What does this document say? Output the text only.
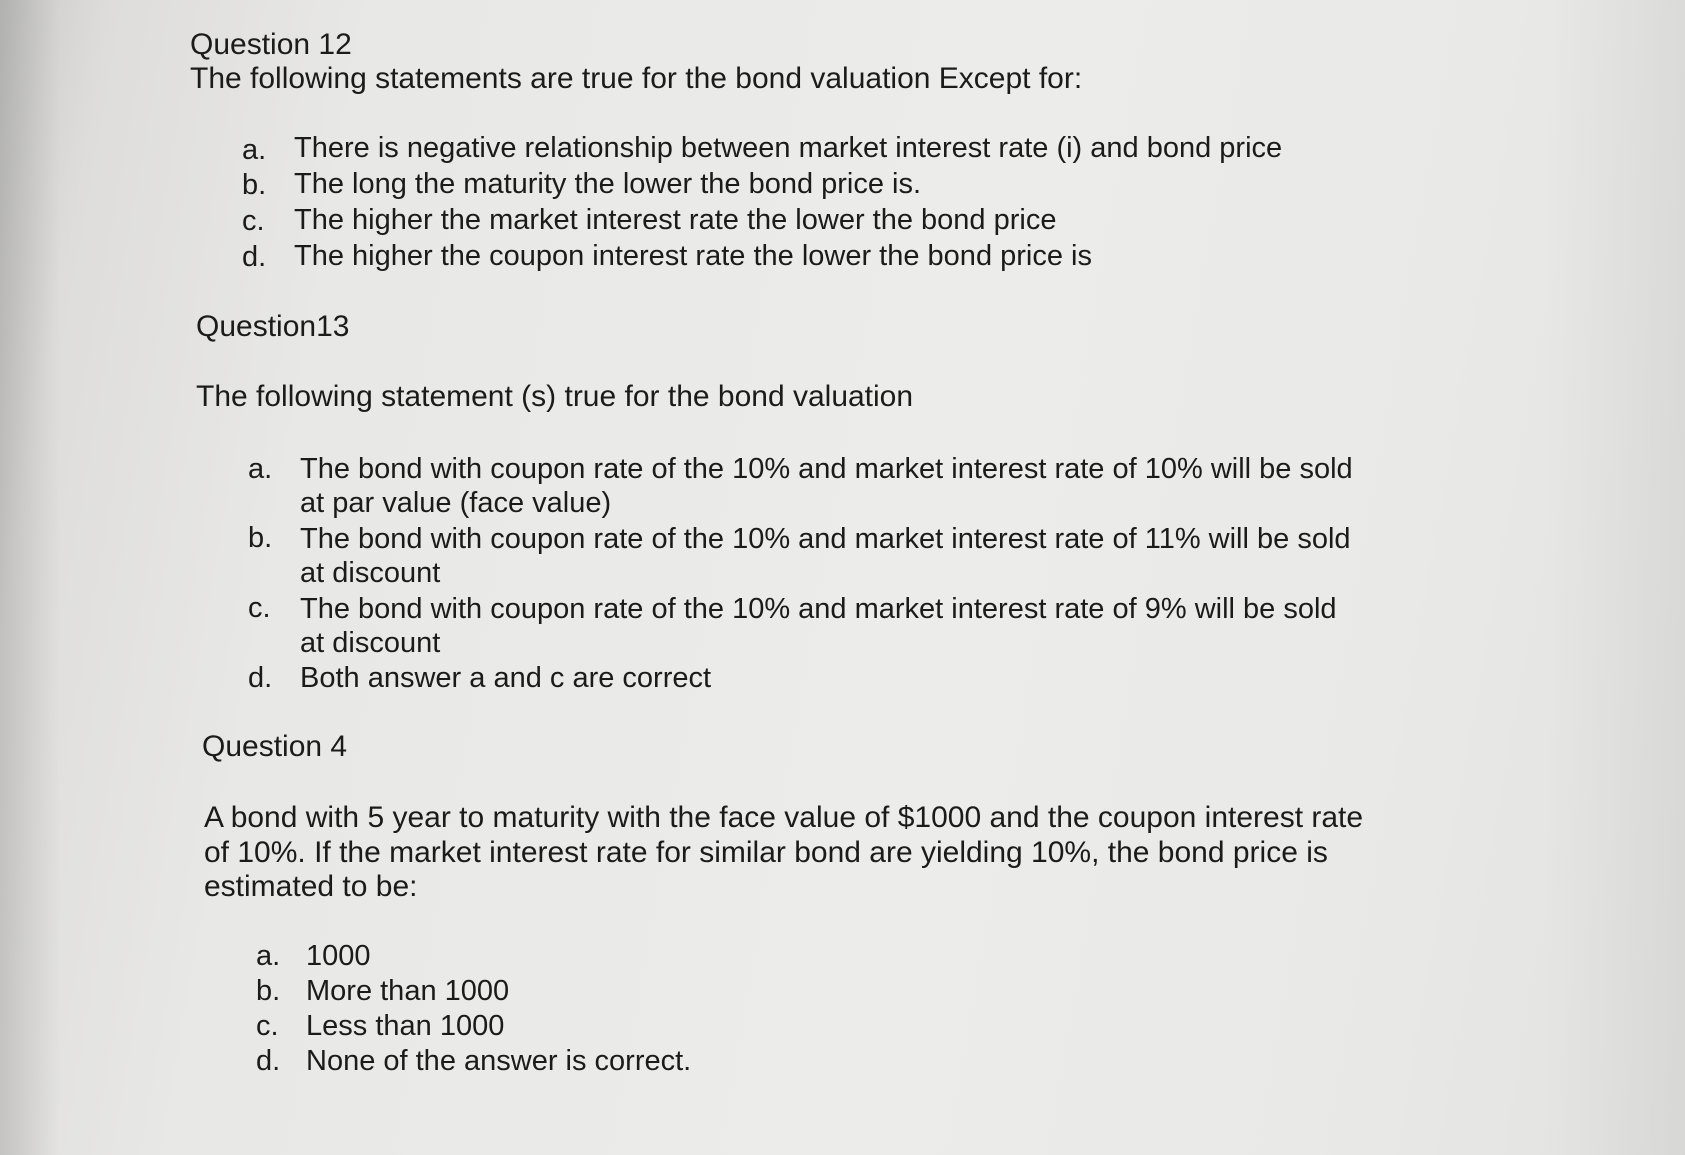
Question 12
The following statements are true for the bond valuation Except for:
a. There is negative relationship between market interest rate (i) and bond price
b. The long the maturity the lower the bond price is.
c. The higher the market interest rate the lower the bond price
d. The higher the coupon interest rate the lower the bond price is
Question13
The following statement (s) true for the bond valuation
a. The bond with coupon rate of the 10% and market interest rate of 10% will be sold
at par value (face value)
b. The bond with coupon rate of the 10% and market interest rate of 11% will be sold
at discount
c. The bond with coupon rate of the 10% and market interest rate of 9% will be sold
at discount
d. Both answer a and c are correct
Question 4
A bond with 5 year to maturity with the face value of $1000 and the coupon interest rate
of 10%. If the market interest rate for similar bond are yielding 10%, the bond price is
estimated to be:
a. 1000
b. More than 1000
c. Less than 1000
d. None of the answer is correct.
